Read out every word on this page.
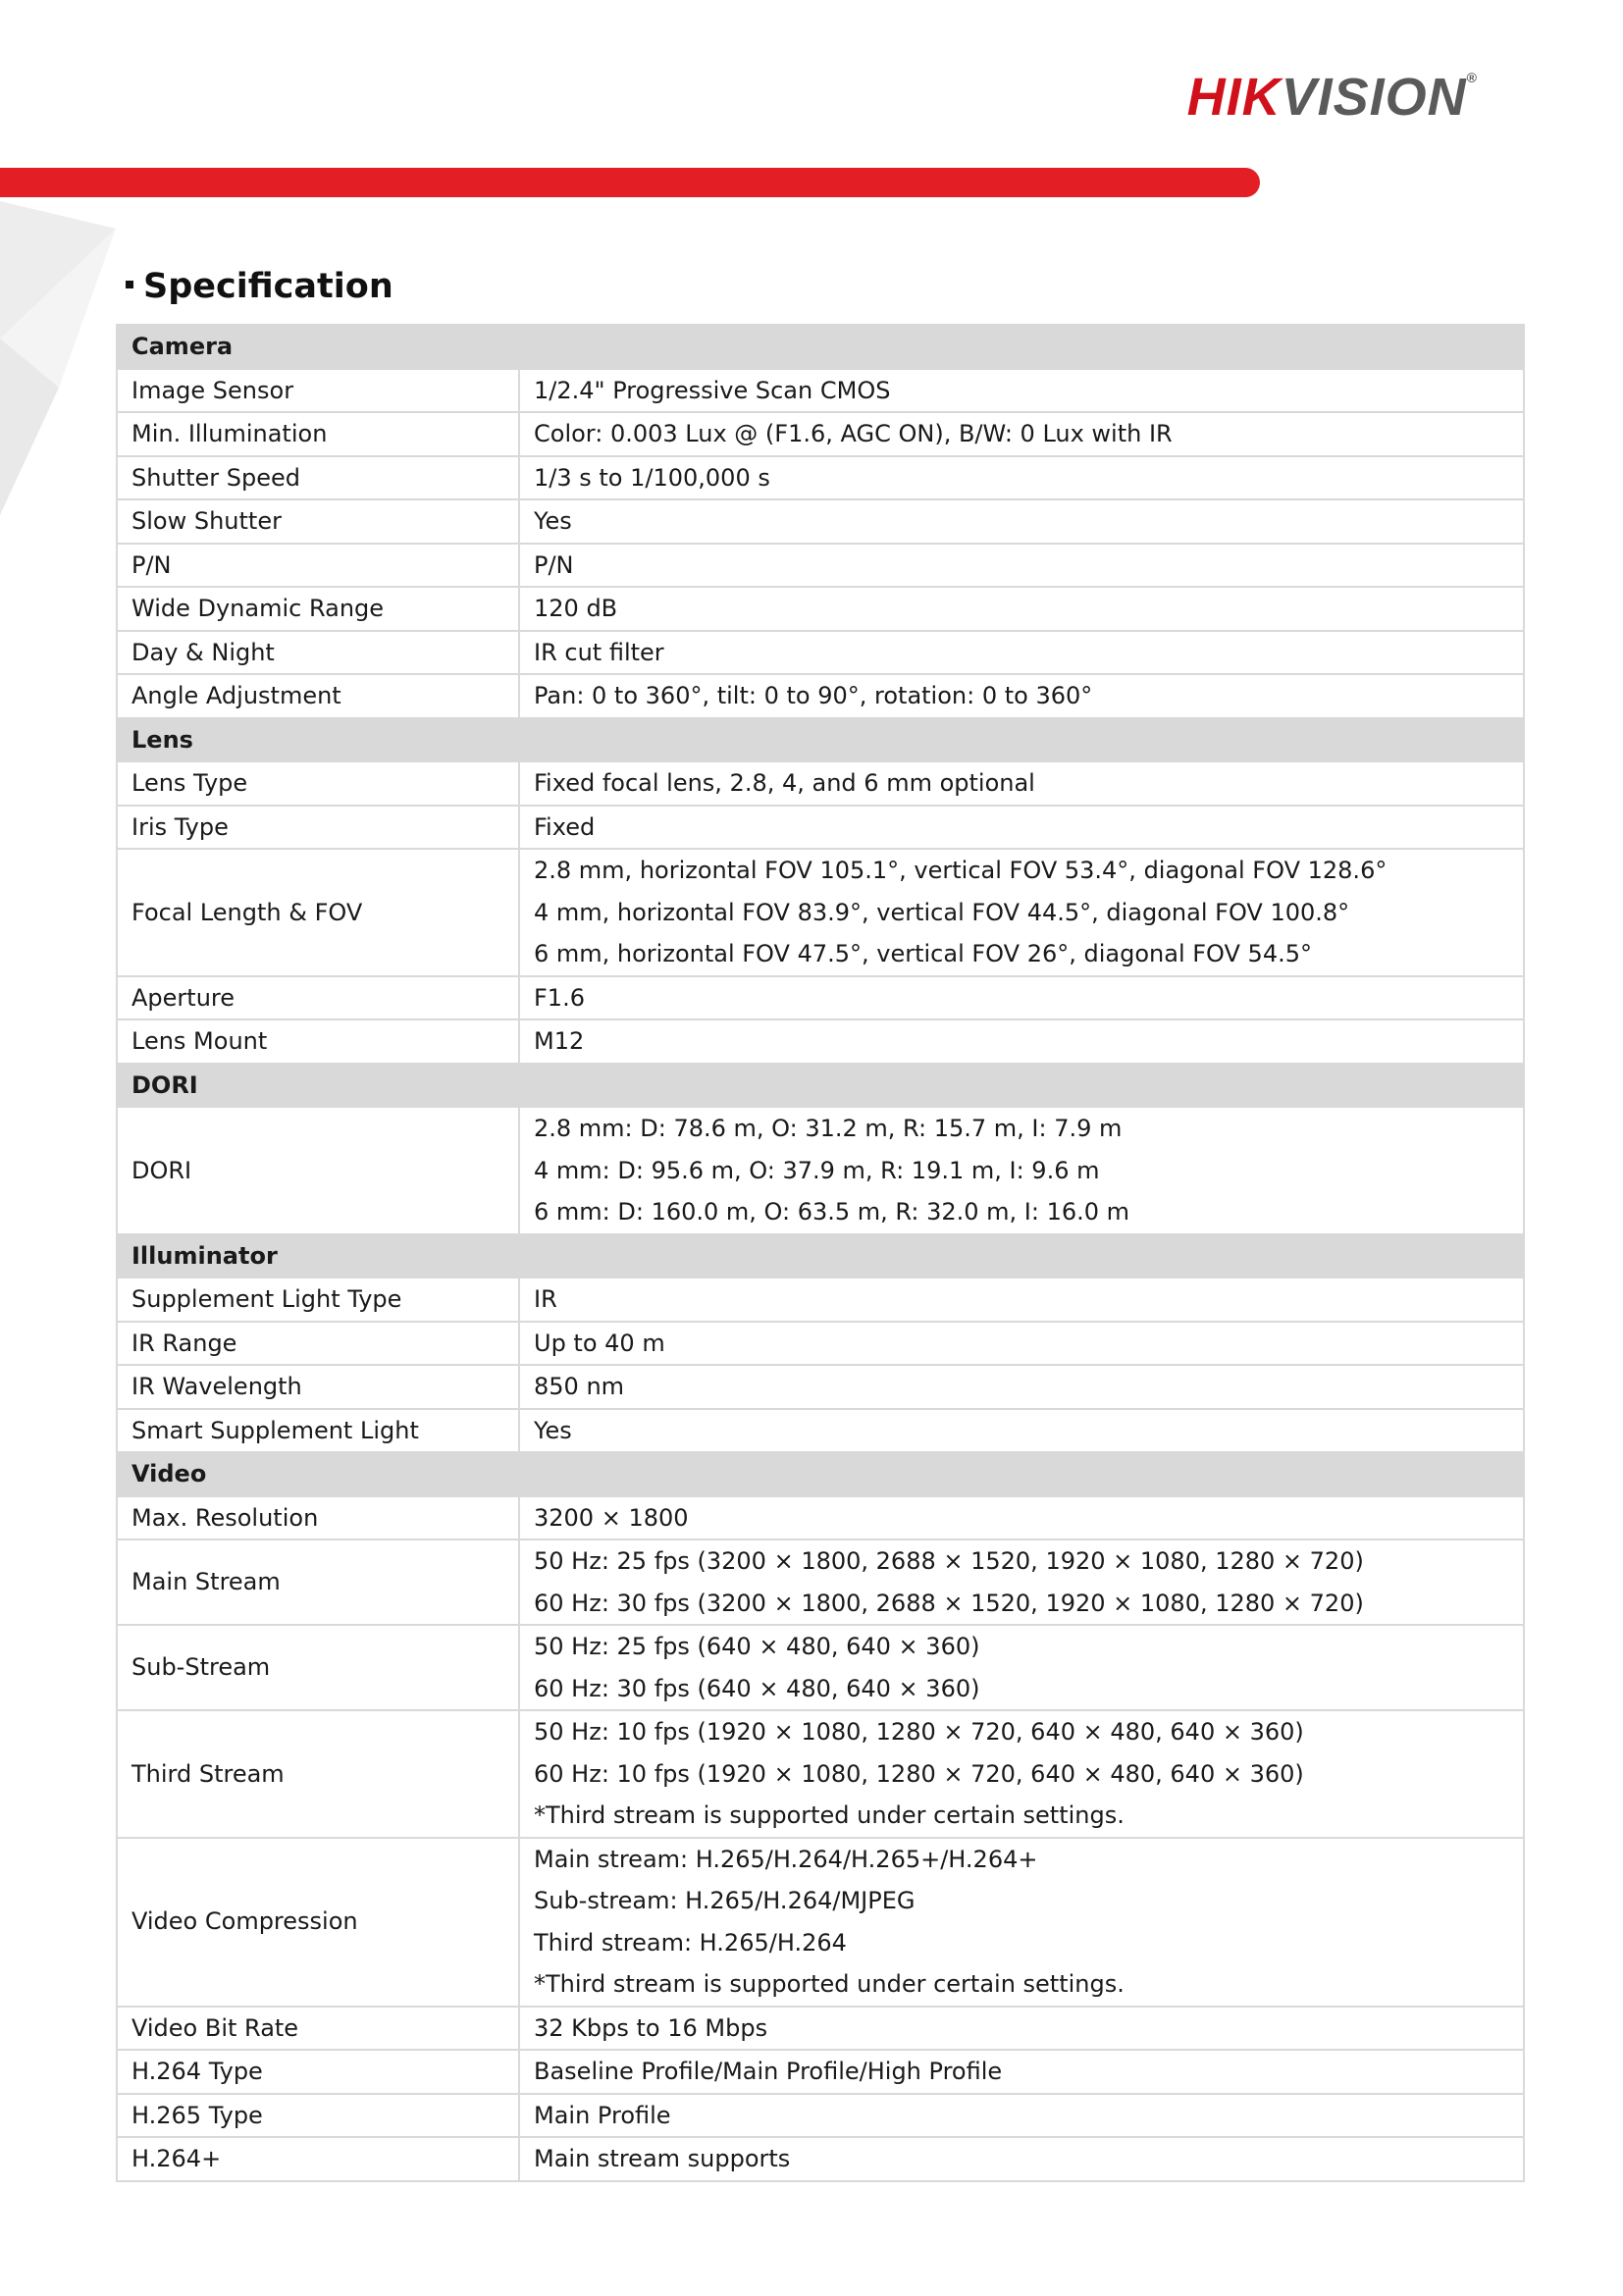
HIKVISION®
Specification
Camera	
Image Sensor	1/2.4" Progressive Scan CMOS

Min. Illumination	Color: 0.003 Lux @ (F1.6, AGC ON), B/W: 0 Lux with IR

Shutter Speed	1/3 s to 1/100,000 s

Slow Shutter	Yes

P/N	P/N

Wide Dynamic Range	120 dB

Day & Night	IR cut filter

Angle Adjustment	Pan: 0 to 360°, tilt: 0 to 90°, rotation: 0 to 360°

Lens	
Lens Type	Fixed focal lens, 2.8, 4, and 6 mm optional

Iris Type	Fixed

Focal Length & FOV	2.8 mm, horizontal FOV 105.1°, vertical FOV 53.4°, diagonal FOV 128.6°
4 mm, horizontal FOV 83.9°, vertical FOV 44.5°, diagonal FOV 100.8°
6 mm, horizontal FOV 47.5°, vertical FOV 26°, diagonal FOV 54.5°

Aperture	F1.6

Lens Mount	M12

DORI	
DORI	2.8 mm: D: 78.6 m, O: 31.2 m, R: 15.7 m, I: 7.9 m
4 mm: D: 95.6 m, O: 37.9 m, R: 19.1 m, I: 9.6 m
6 mm: D: 160.0 m, O: 63.5 m, R: 32.0 m, I: 16.0 m

Illuminator	
Supplement Light Type	IR

IR Range	Up to 40 m

IR Wavelength	850 nm

Smart Supplement Light	Yes

Video	
Max. Resolution	3200 × 1800

Main Stream	50 Hz: 25 fps (3200 × 1800, 2688 × 1520, 1920 × 1080, 1280 × 720)
60 Hz: 30 fps (3200 × 1800, 2688 × 1520, 1920 × 1080, 1280 × 720)

Sub-Stream	50 Hz: 25 fps (640 × 480, 640 × 360)
60 Hz: 30 fps (640 × 480, 640 × 360)

Third Stream	50 Hz: 10 fps (1920 × 1080, 1280 × 720, 640 × 480, 640 × 360)
60 Hz: 10 fps (1920 × 1080, 1280 × 720, 640 × 480, 640 × 360)
*Third stream is supported under certain settings.

Video Compression	Main stream: H.265/H.264/H.265+/H.264+
Sub-stream: H.265/H.264/MJPEG
Third stream: H.265/H.264
*Third stream is supported under certain settings.

Video Bit Rate	32 Kbps to 16 Mbps

H.264 Type	Baseline Profile/Main Profile/High Profile

H.265 Type	Main Profile

H.264+	Main stream supports
